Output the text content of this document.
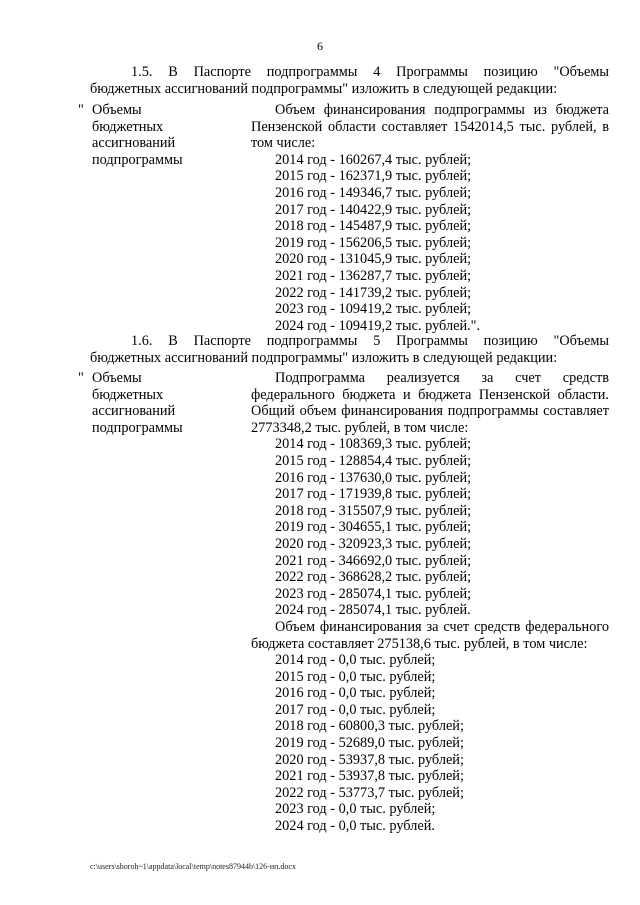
6
1.5. В Паспорте подпрограммы 4 Программы позицию "Объемы
бюджетных ассигнований подпрограммы" изложить в следующей редакции:
" Объемы
бюджетных
ассигнований
подпрограммы
Объем финансирования подпрограммы из бюджета Пензенской области составляет 1542014,5 тыс. рублей, в том числе:
2014 год - 160267,4 тыс. рублей;
2015 год - 162371,9 тыс. рублей;
2016 год - 149346,7 тыс. рублей;
2017 год - 140422,9 тыс. рублей;
2018 год - 145487,9 тыс. рублей;
2019 год - 156206,5 тыс. рублей;
2020 год - 131045,9 тыс. рублей;
2021 год - 136287,7 тыс. рублей;
2022 год - 141739,2 тыс. рублей;
2023 год - 109419,2 тыс. рублей;
2024 год - 109419,2 тыс. рублей.".
1.6. В Паспорте подпрограммы 5 Программы позицию "Объемы
бюджетных ассигнований подпрограммы" изложить в следующей редакции:
" Объемы
бюджетных
ассигнований
подпрограммы
Подпрограмма реализуется за счет средств федерального бюджета и бюджета Пензенской области. Общий объем финансирования подпрограммы составляет 2773348,2 тыс. рублей, в том числе:
2014 год - 108369,3 тыс. рублей;
2015 год - 128854,4 тыс. рублей;
2016 год - 137630,0 тыс. рублей;
2017 год - 171939,8 тыс. рублей;
2018 год - 315507,9 тыс. рублей;
2019 год - 304655,1 тыс. рублей;
2020 год - 320923,3 тыс. рублей;
2021 год - 346692,0 тыс. рублей;
2022 год - 368628,2 тыс. рублей;
2023 год - 285074,1 тыс. рублей;
2024 год - 285074,1 тыс. рублей.
Объем финансирования за счет средств федерального бюджета составляет 275138,6 тыс. рублей, в том числе:
2014 год - 0,0 тыс. рублей;
2015 год - 0,0 тыс. рублей;
2016 год - 0,0 тыс. рублей;
2017 год - 0,0 тыс. рублей;
2018 год - 60800,3 тыс. рублей;
2019 год - 52689,0 тыс. рублей;
2020 год - 53937,8 тыс. рублей;
2021 год - 53937,8 тыс. рублей;
2022 год - 53773,7 тыс. рублей;
2023 год - 0,0 тыс. рублей;
2024 год - 0,0 тыс. рублей.
c:\users\shoroh~1\appdata\local\temp\notes87944b\126-ип.docx
